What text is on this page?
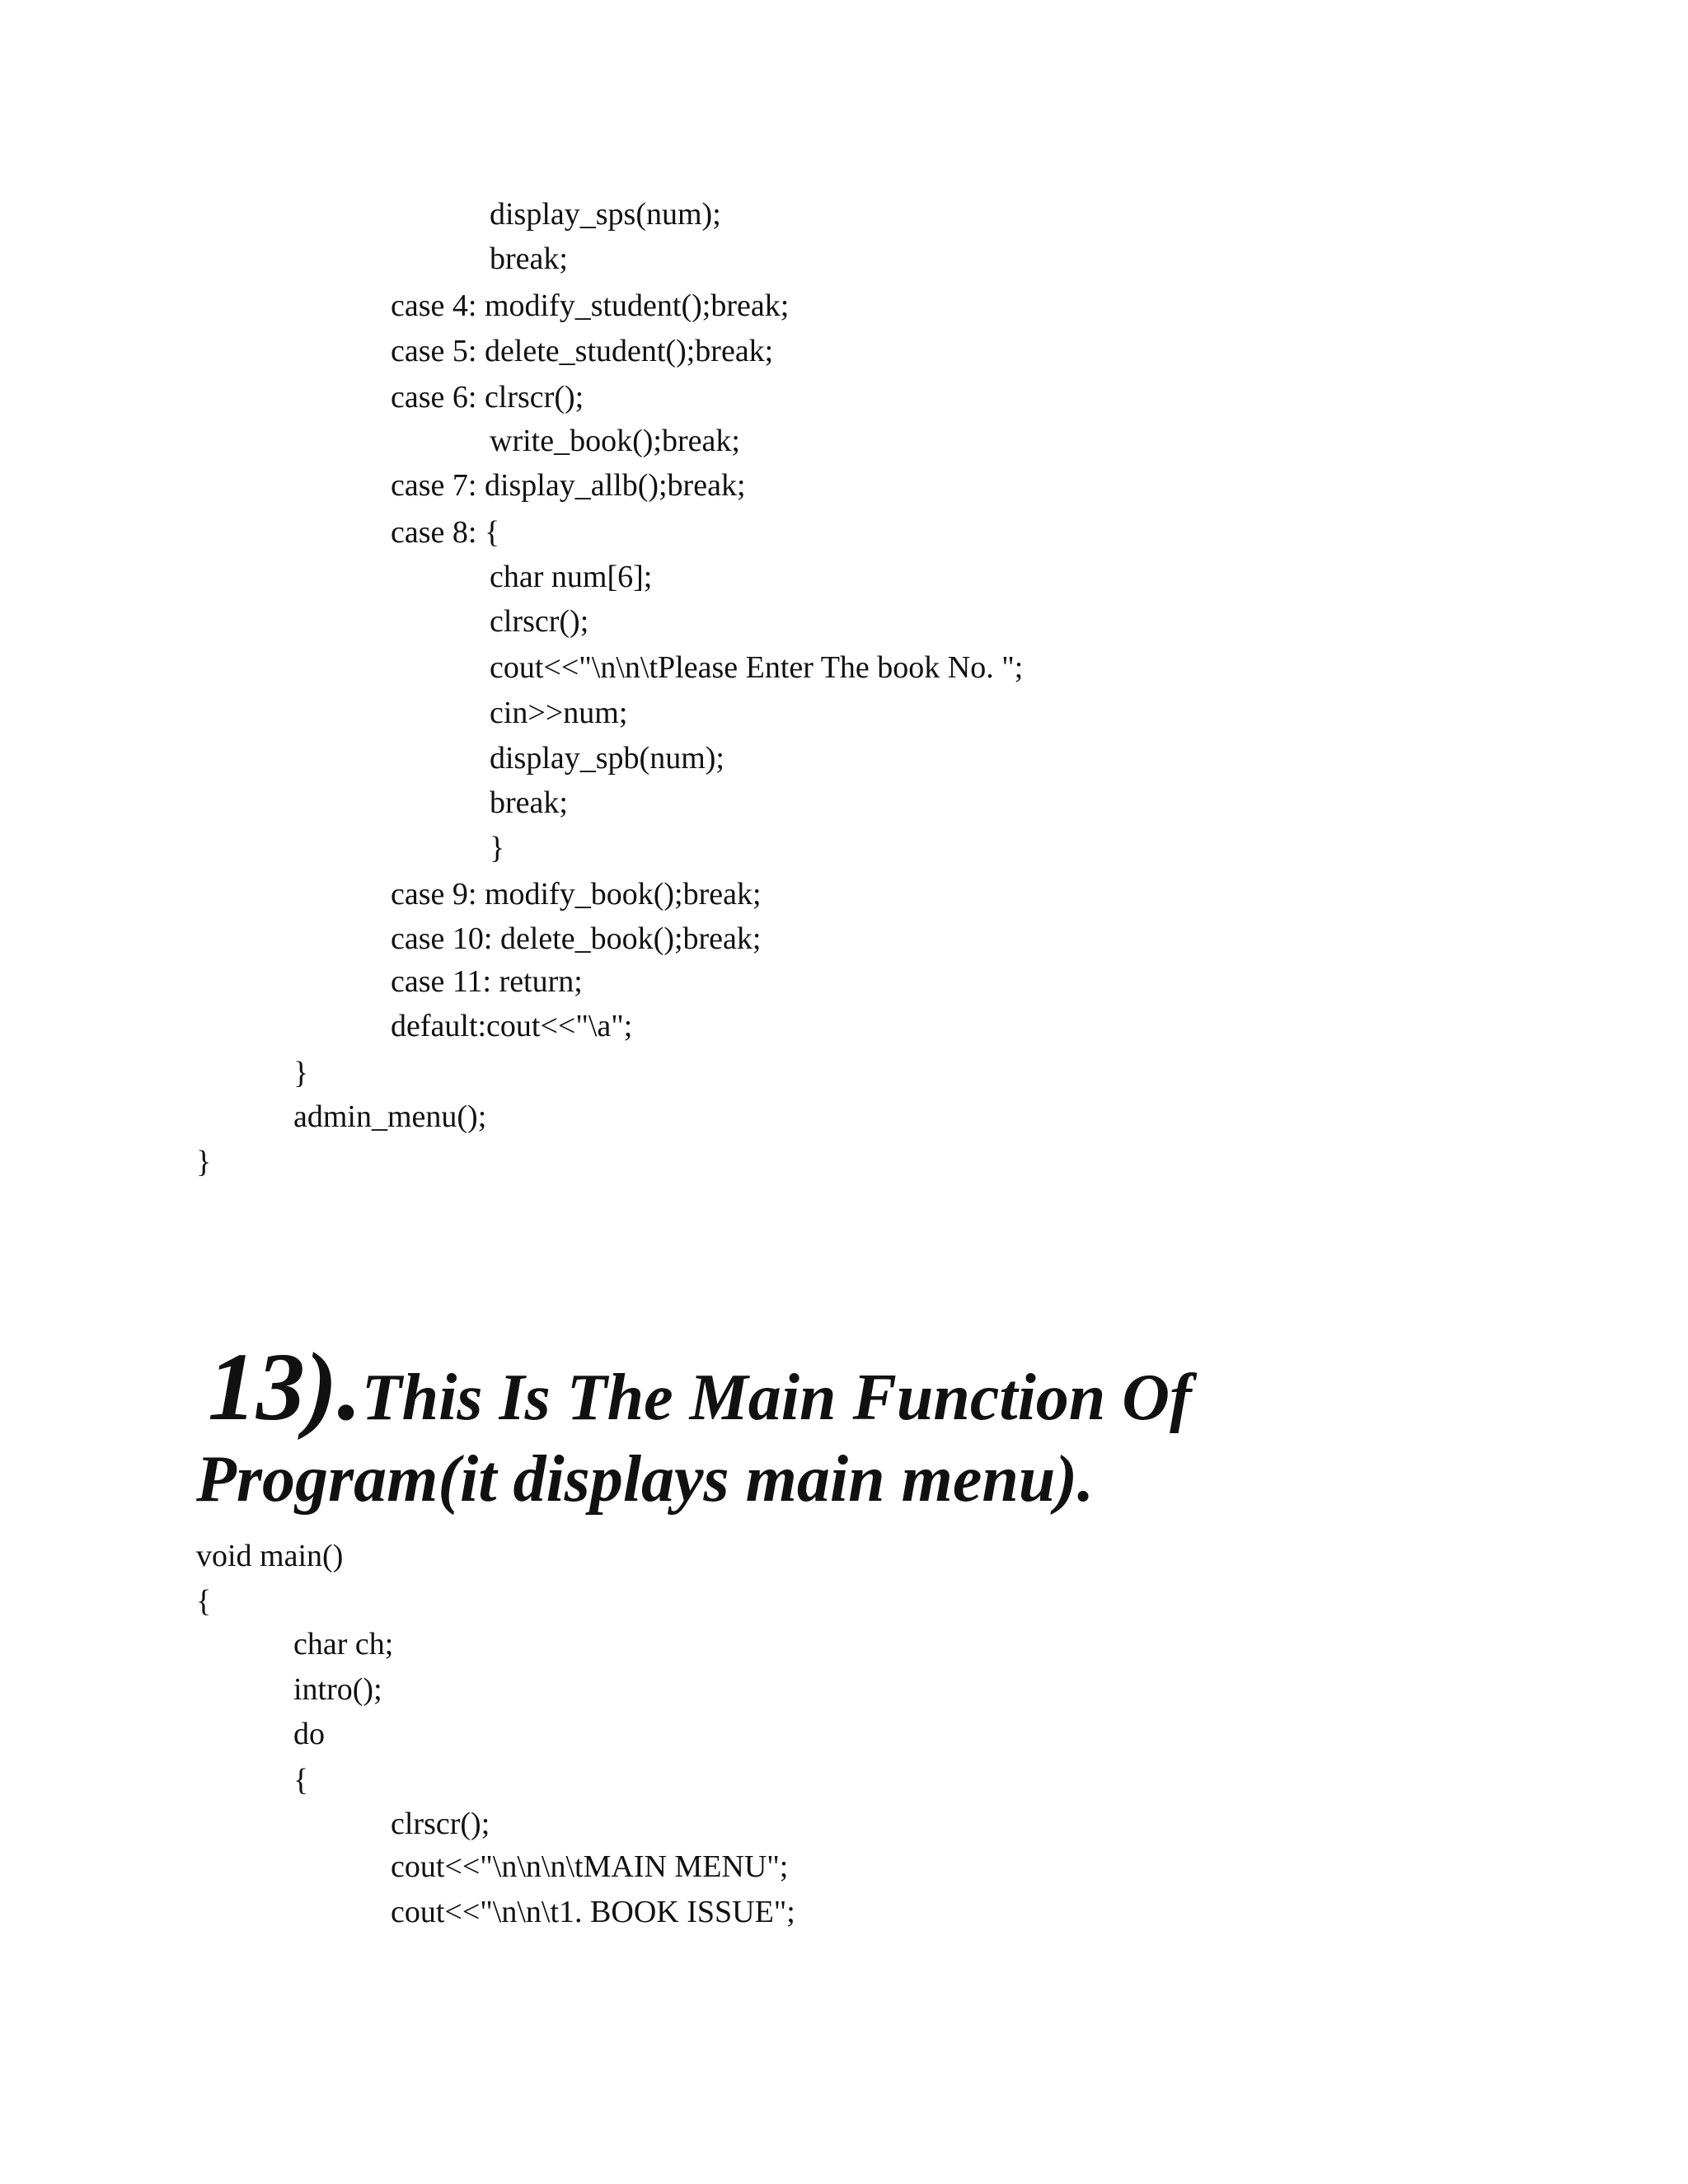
display_sps(num);
break;
case 4: modify_student();break;
case 5: delete_student();break;
case 6: clrscr();
write_book();break;
case 7: display_allb();break;
case 8: {
char num[6];
clrscr();
cout<<"\n\n\tPlease Enter The book No. ";
cin>>num;
display_spb(num);
break;
}
case 9: modify_book();break;
case 10: delete_book();break;
case 11: return;
default:cout<<"\a";
}
admin_menu();
}

13).This Is The Main Function Of

Program(it displays main menu).
void main()
{
char ch;
intro();
do
{
clrscr();
cout<<"\n\n\n\tMAIN MENU";
cout<<"\n\n\t1. BOOK ISSUE";
